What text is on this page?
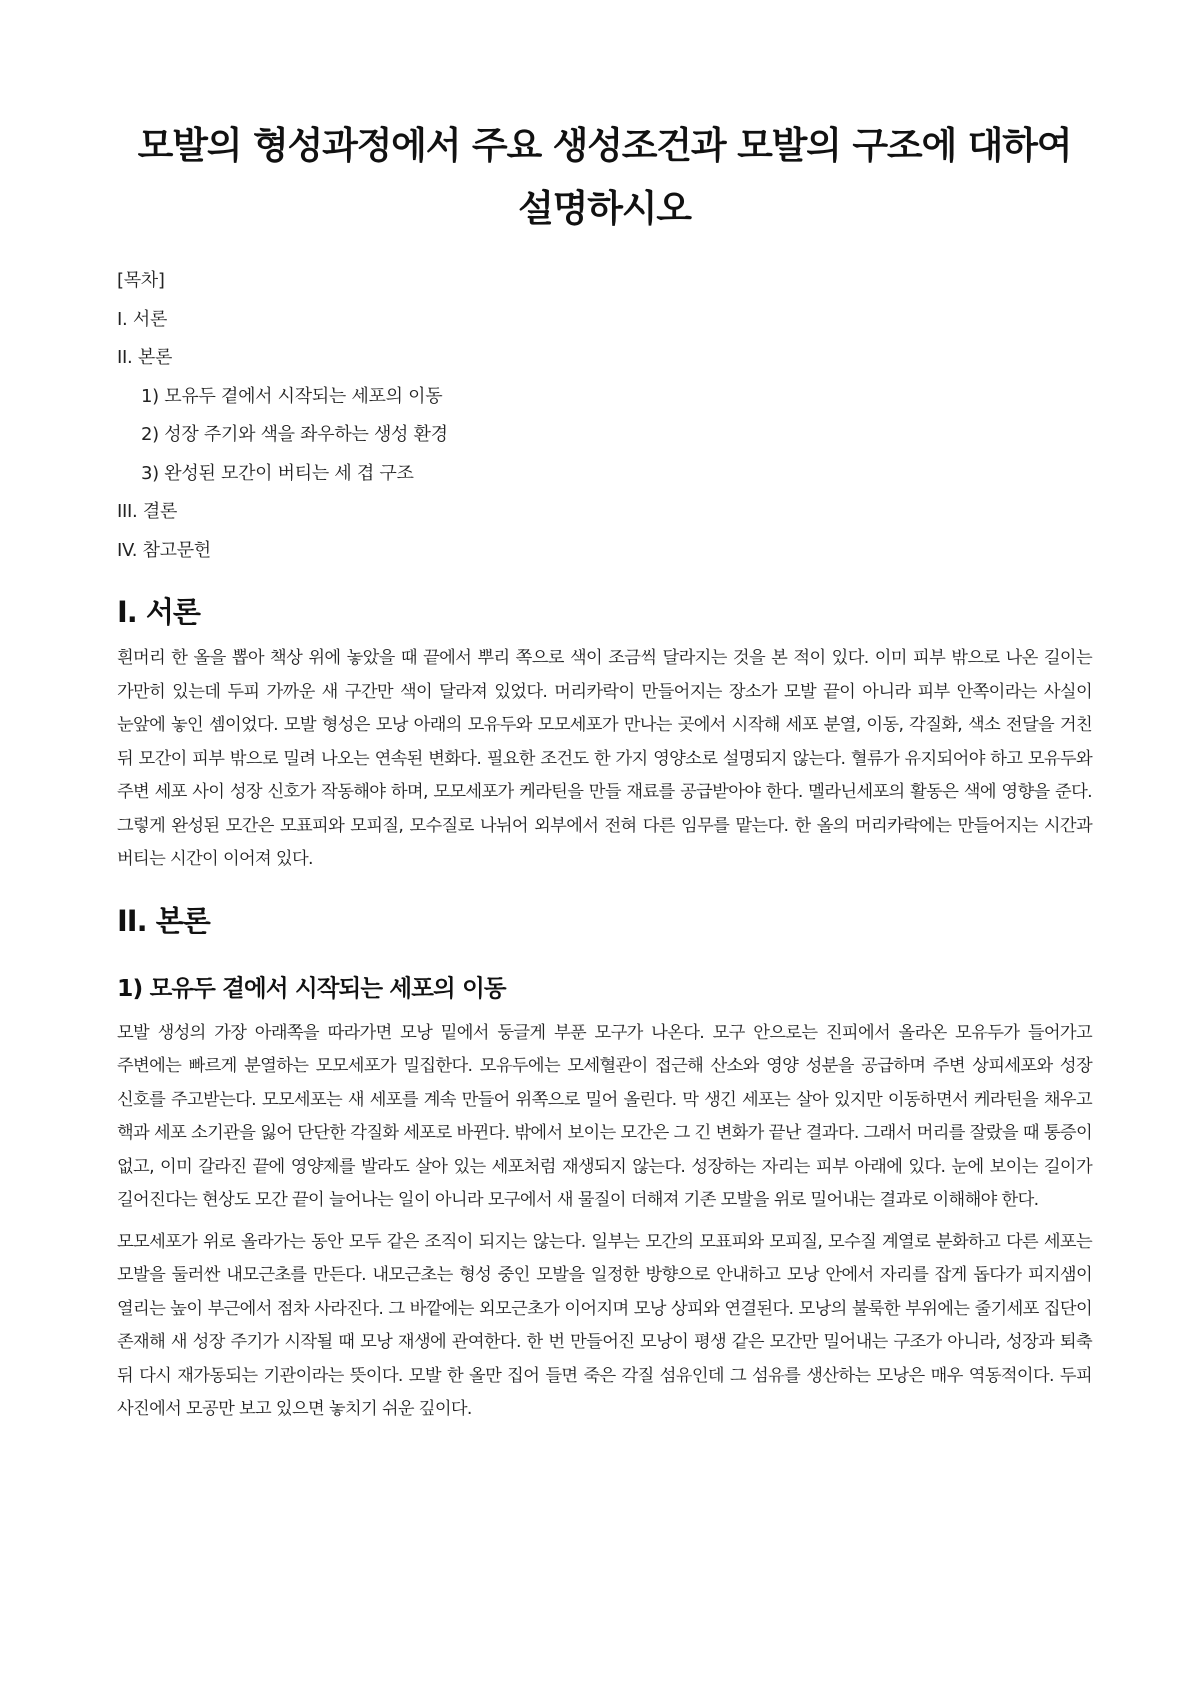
모발의 형성과정에서 주요 생성조건과 모발의 구조에 대하여 설명하시오
[목차]
I. 서론
II. 본론
1) 모유두 곁에서 시작되는 세포의 이동
2) 성장 주기와 색을 좌우하는 생성 환경
3) 완성된 모간이 버티는 세 겹 구조
III. 결론
IV. 참고문헌
I. 서론

흰머리 한 올을 뽑아 책상 위에 놓았을 때 끝에서 뿌리 쪽으로 색이 조금씩 달라지는 것을 본 적이 있다. 이미 피부 밖으로 나온 길이는 가만히 있는데 두피 가까운 새 구간만 색이 달라져 있었다. 머리카락이 만들어지는 장소가 모발 끝이 아니라 피부 안쪽이라는 사실이 눈앞에 놓인 셈이었다. 모발 형성은 모낭 아래의 모유두와 모모세포가 만나는 곳에서 시작해 세포 분열, 이동, 각질화, 색소 전달을 거친 뒤 모간이 피부 밖으로 밀려 나오는 연속된 변화다. 필요한 조건도 한 가지 영양소로 설명되지 않는다. 혈류가 유지되어야 하고 모유두와 주변 세포 사이 성장 신호가 작동해야 하며, 모모세포가 케라틴을 만들 재료를 공급받아야 한다. 멜라닌세포의 활동은 색에 영향을 준다. 그렇게 완성된 모간은 모표피와 모피질, 모수질로 나뉘어 외부에서 전혀 다른 임무를 맡는다. 한 올의 머리카락에는 만들어지는 시간과 버티는 시간이 이어져 있다.

II. 본론
1) 모유두 곁에서 시작되는 세포의 이동

모발 생성의 가장 아래쪽을 따라가면 모낭 밑에서 둥글게 부푼 모구가 나온다. 모구 안으로는 진피에서 올라온 모유두가 들어가고 주변에는 빠르게 분열하는 모모세포가 밀집한다. 모유두에는 모세혈관이 접근해 산소와 영양 성분을 공급하며 주변 상피세포와 성장 신호를 주고받는다. 모모세포는 새 세포를 계속 만들어 위쪽으로 밀어 올린다. 막 생긴 세포는 살아 있지만 이동하면서 케라틴을 채우고 핵과 세포 소기관을 잃어 단단한 각질화 세포로 바뀐다. 밖에서 보이는 모간은 그 긴 변화가 끝난 결과다. 그래서 머리를 잘랐을 때 통증이 없고, 이미 갈라진 끝에 영양제를 발라도 살아 있는 세포처럼 재생되지 않는다. 성장하는 자리는 피부 아래에 있다. 눈에 보이는 길이가 길어진다는 현상도 모간 끝이 늘어나는 일이 아니라 모구에서 새 물질이 더해져 기존 모발을 위로 밀어내는 결과로 이해해야 한다.

모모세포가 위로 올라가는 동안 모두 같은 조직이 되지는 않는다. 일부는 모간의 모표피와 모피질, 모수질 계열로 분화하고 다른 세포는 모발을 둘러싼 내모근초를 만든다. 내모근초는 형성 중인 모발을 일정한 방향으로 안내하고 모낭 안에서 자리를 잡게 돕다가 피지샘이 열리는 높이 부근에서 점차 사라진다. 그 바깥에는 외모근초가 이어지며 모낭 상피와 연결된다. 모낭의 불룩한 부위에는 줄기세포 집단이 존재해 새 성장 주기가 시작될 때 모낭 재생에 관여한다. 한 번 만들어진 모낭이 평생 같은 모간만 밀어내는 구조가 아니라, 성장과 퇴축 뒤 다시 재가동되는 기관이라는 뜻이다. 모발 한 올만 집어 들면 죽은 각질 섬유인데 그 섬유를 생산하는 모낭은 매우 역동적이다. 두피 사진에서 모공만 보고 있으면 놓치기 쉬운 깊이다.
